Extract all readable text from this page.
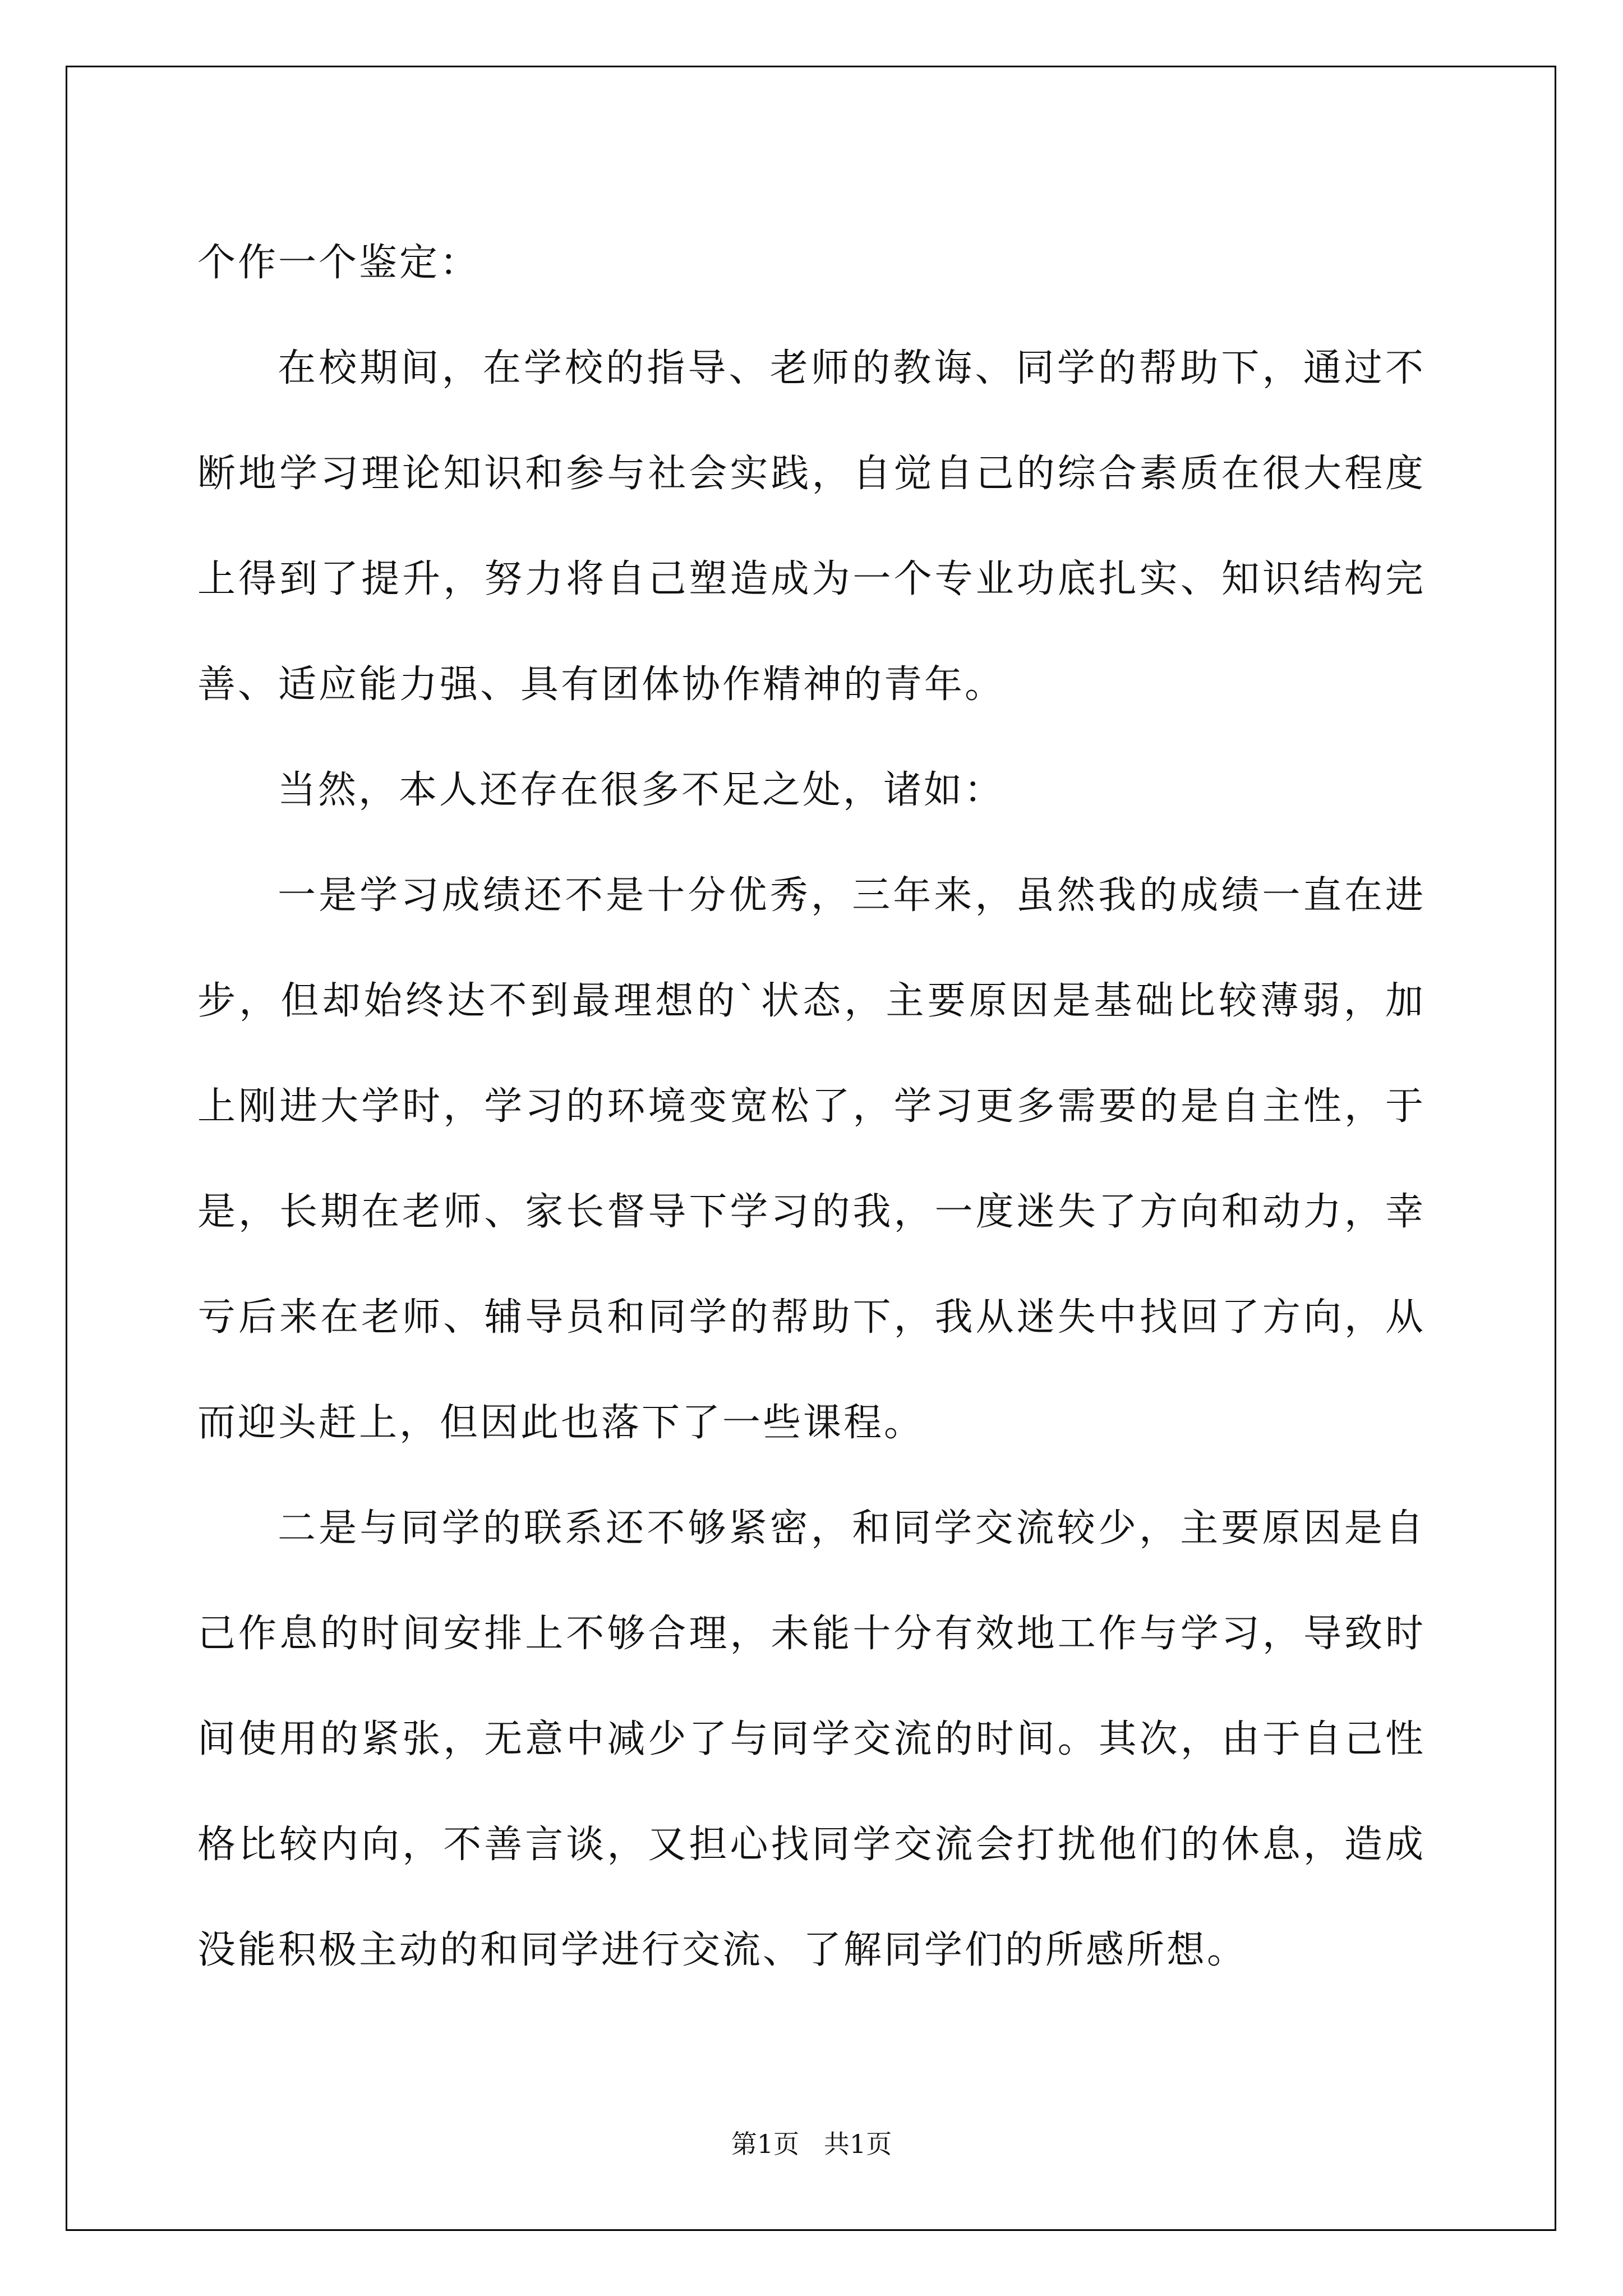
个作一个鉴定：

在校期间，在学校的指导、老师的教诲、同学的帮助下，通过不断地学习理论知识和参与社会实践，自觉自己的综合素质在很大程度上得到了提升，努力将自己塑造成为一个专业功底扎实、知识结构完善、适应能力强、具有团体协作精神的青年。

当然，本人还存在很多不足之处，诸如：

一是学习成绩还不是十分优秀，三年来，虽然我的成绩一直在进步，但却始终达不到最理想的`状态，主要原因是基础比较薄弱，加上刚进大学时，学习的环境变宽松了，学习更多需要的是自主性，于是，长期在老师、家长督导下学习的我，一度迷失了方向和动力，幸亏后来在老师、辅导员和同学的帮助下，我从迷失中找回了方向，从而迎头赶上，但因此也落下了一些课程。

二是与同学的联系还不够紧密，和同学交流较少，主要原因是自己作息的时间安排上不够合理，未能十分有效地工作与学习，导致时间使用的紧张，无意中减少了与同学交流的时间。其次，由于自己性格比较内向，不善言谈，又担心找同学交流会打扰他们的休息，造成没能积极主动的和同学进行交流、了解同学们的所感所想。

第1页   共1页
